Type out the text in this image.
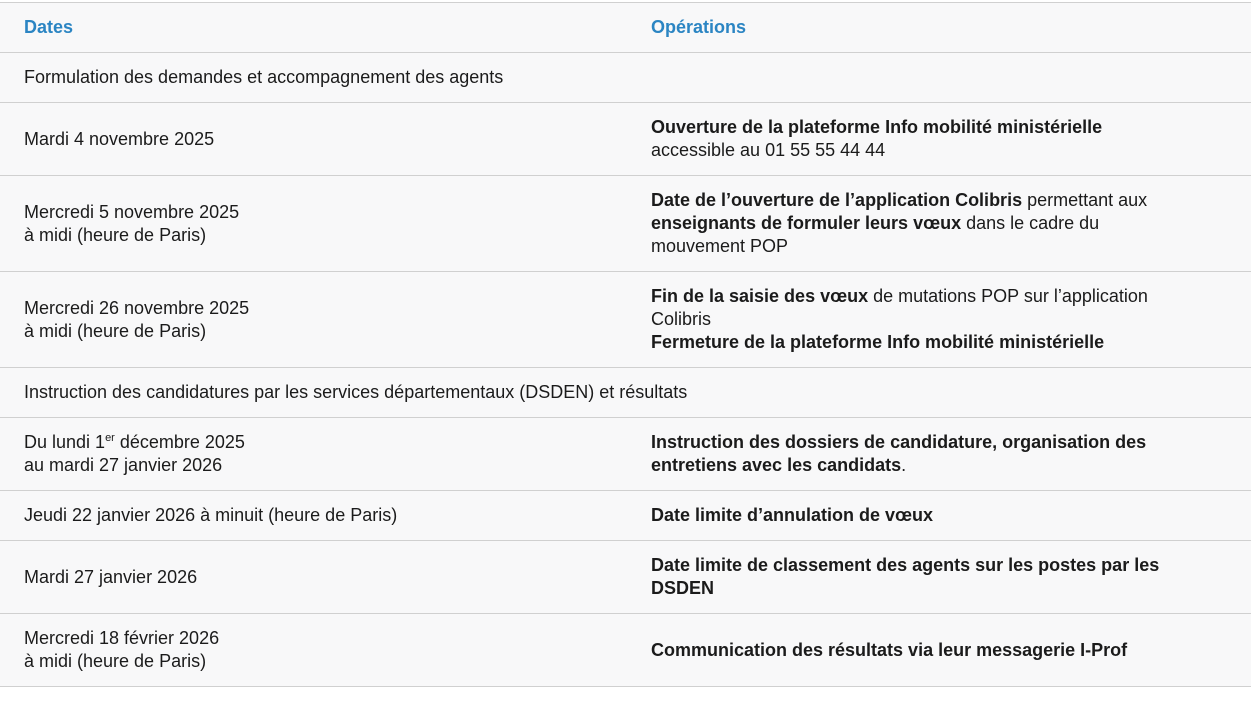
Dates	Opérations
Formulation des demandes et accompagnement des agents
Mardi 4 novembre 2025
Ouverture de la plateforme Info mobilité ministérielle
accessible au 01 55 55 44 44
Mercredi 5 novembre 2025
à midi (heure de Paris)
Date de l’ouverture de l’application Colibris permettant aux
enseignants de formuler leurs vœux dans le cadre du
mouvement POP
Mercredi 26 novembre 2025
à midi (heure de Paris)
Fin de la saisie des vœux de mutations POP sur l’application
Colibris
Fermeture de la plateforme Info mobilité ministérielle
Instruction des candidatures par les services départementaux (DSDEN) et résultats
Du lundi 1er décembre 2025
au mardi 27 janvier 2026
Instruction des dossiers de candidature, organisation des
entretiens avec les candidats.
Jeudi 22 janvier 2026 à minuit (heure de Paris)	Date limite d’annulation de vœux
Mardi 27 janvier 2026
Date limite de classement des agents sur les postes par les
DSDEN
Mercredi 18 février 2026
à midi (heure de Paris)
Communication des résultats via leur messagerie I-Prof
